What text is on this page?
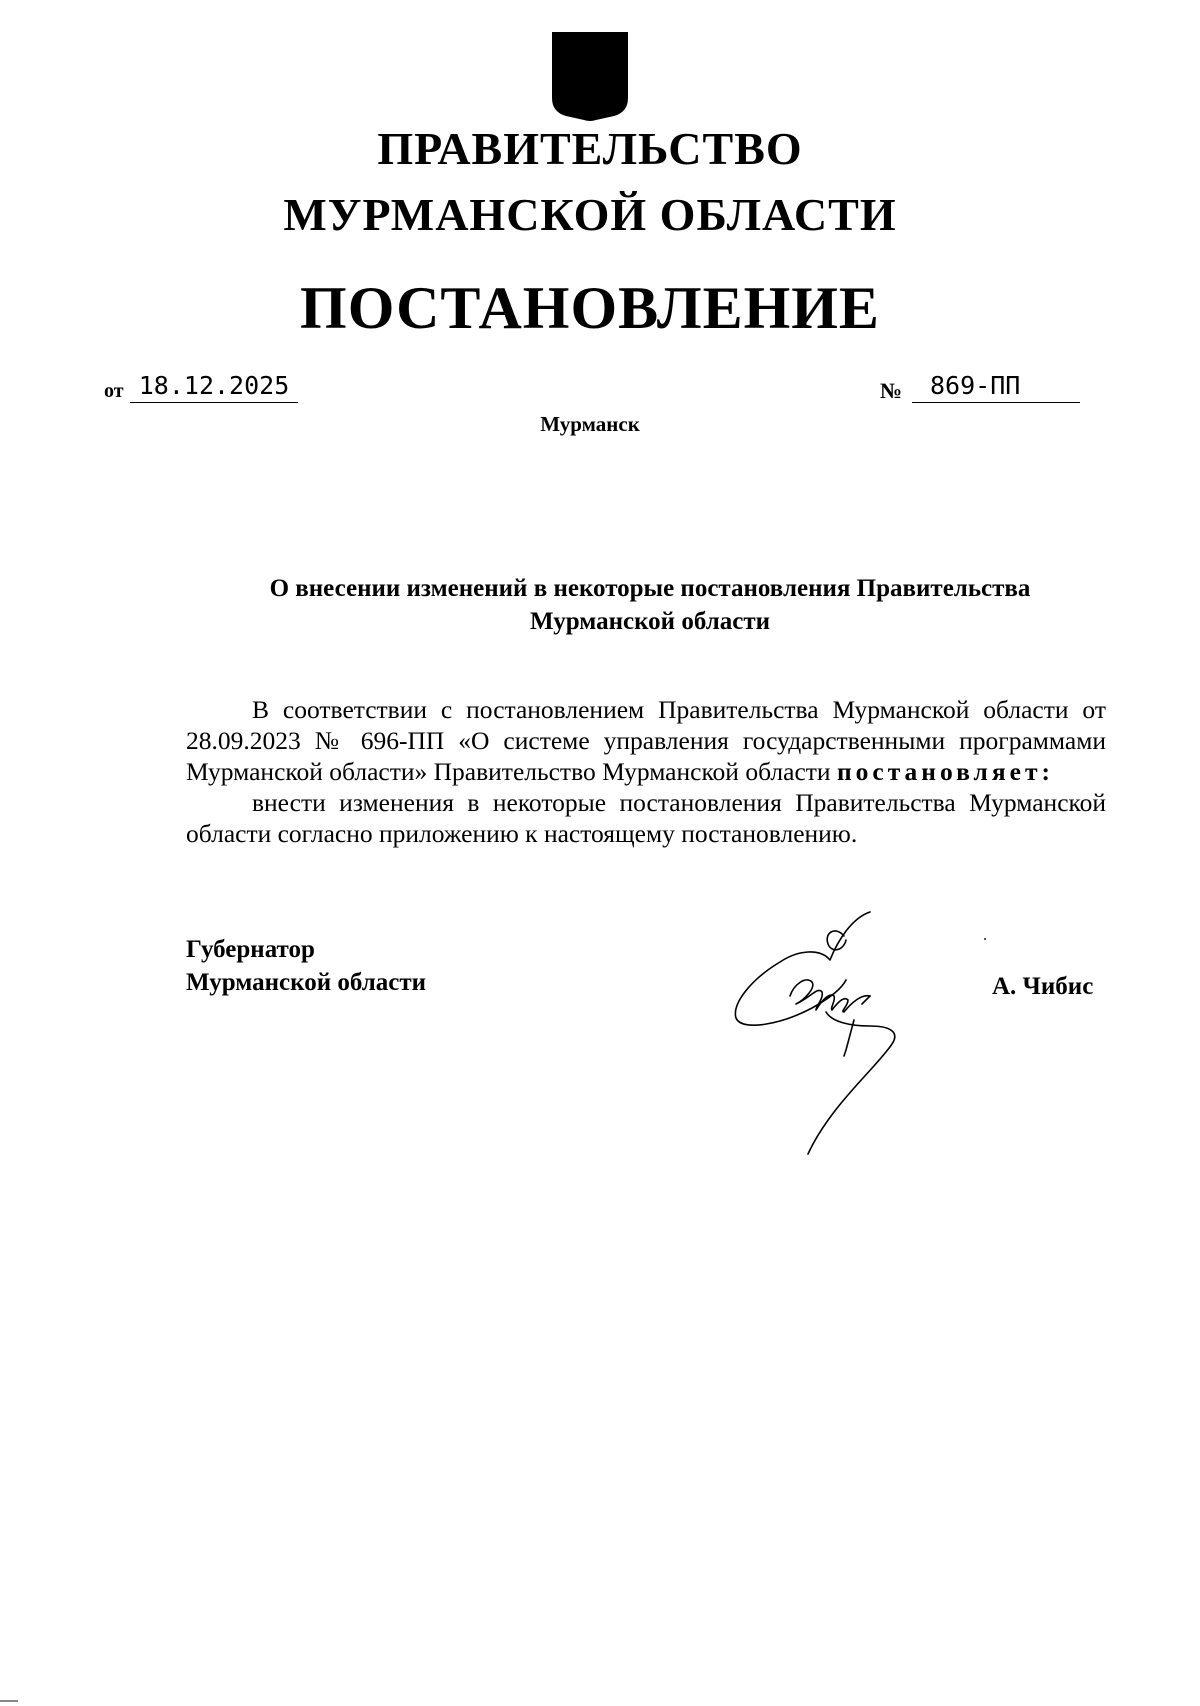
ПРАВИТЕЛЬСТВО
МУРМАНСКОЙ ОБЛАСТИ
ПОСТАНОВЛЕНИЕ
от 18.12.2025	№	869-ПП
Мурманск
О внесении изменений в некоторые постановления Правительства
Мурманской области

В соответствии с постановлением Правительства Мурманской области от 28.09.2023 № 696-ПП «О системе управления государственными программами Мурманской области» Правительство Мурманской области постановляет:

внести изменения в некоторые постановления Правительства Мурманской области согласно приложению к настоящему постановлению.

Губернатор
Мурманской области	А. Чибис
